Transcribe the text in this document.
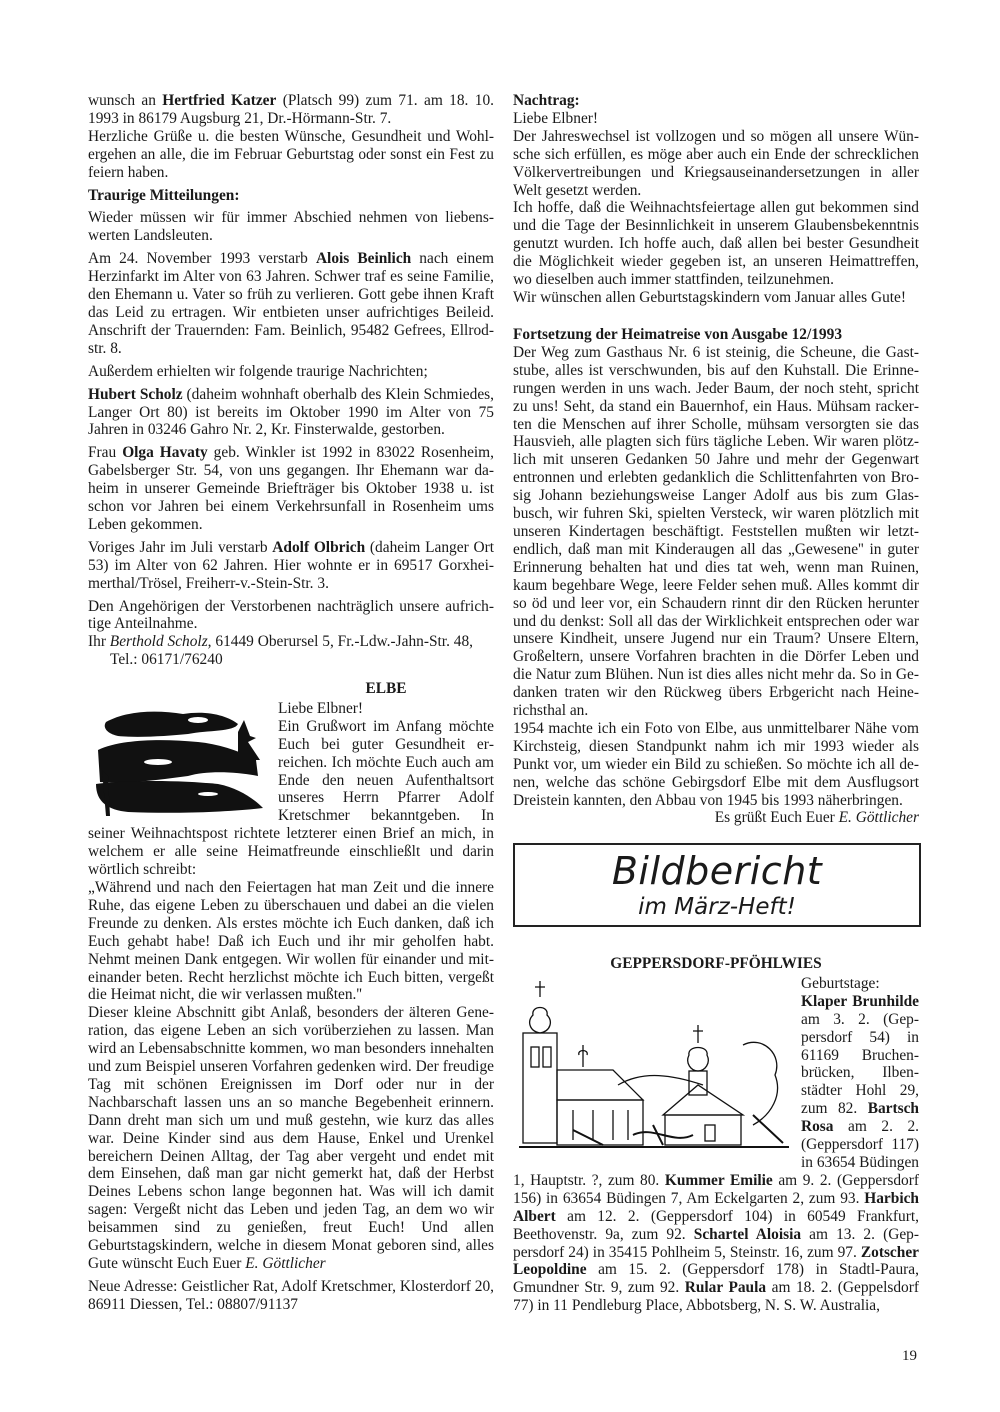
wunsch an Hertfried Katzer (Platsch 99) zum 71. am 18. 10. 1993 in 86179 Augsburg 21, Dr.-Hörmann-Str. 7.

Herzliche Grüße u. die besten Wünsche, Gesundheit und Wohlergehen an alle, die im Februar Geburtstag oder sonst ein Fest zu feiern haben.

Traurige Mitteilungen:

Wieder müssen wir für immer Abschied nehmen von liebenswerten Landsleuten.

Am 24. November 1993 verstarb Alois Beinlich nach einem Herzinfarkt im Alter von 63 Jahren. Schwer traf es seine Familie, den Ehemann u. Vater so früh zu verlieren. Gott gebe ihnen Kraft das Leid zu ertragen. Wir entbieten unser aufrichtiges Beileid. Anschrift der Trauernden: Fam. Beinlich, 95482 Gefrees, Ellrodstr. 8.

Außerdem erhielten wir folgende traurige Nachrichten;

Hubert Scholz (daheim wohnhaft oberhalb des Klein Schmiedes, Langer Ort 80) ist bereits im Oktober 1990 im Alter von 75 Jahren in 03246 Gahro Nr. 2, Kr. Finsterwalde, gestorben.

Frau Olga Havaty geb. Winkler ist 1992 in 83022 Rosenheim, Gabelsberger Str. 54, von uns gegangen. Ihr Ehemann war daheim in unserer Gemeinde Briefträger bis Oktober 1938 u. ist schon vor Jahren bei einem Verkehrsunfall in Rosenheim ums Leben gekommen.

Voriges Jahr im Juli verstarb Adolf Olbrich (daheim Langer Ort 53) im Alter von 62 Jahren. Hier wohnte er in 69517 Gorxheimerthal/Trösel, Freiherr-v.-Stein-Str. 3.

Den Angehörigen der Verstorbenen nachträglich unsere aufrichtige Anteilnahme.

Ihr Berthold Scholz, 61449 Oberursel 5, Fr.-Ldw.-Jahn-Str. 48, Tel.: 06171/76240

ELBE
Liebe Elbner!
Ein Grußwort im Anfang möchte Euch bei guter Gesundheit erreichen. Ich möchte Euch auch am Ende den neuen Aufenthaltsort unseres Herrn Pfarrer Adolf Kretschmer bekanntgeben. In seiner Weihnachtspost richtete letzterer einen Brief an mich, in welchem er alle seine Heimatfreunde einschließlt und darin wörtlich schreibt:
„Während und nach den Feiertagen hat man Zeit und die innere Ruhe, das eigene Leben zu überschauen und dabei an die vielen Freunde zu denken. Als erstes möchte ich Euch danken, daß ich Euch gehabt habe! Daß ich Euch und ihr mir geholfen habt. Nehmt meinen Dank entgegen. Wir wollen für einander und miteinander beten. Recht herzlichst möchte ich Euch bitten, vergeßt die Heimat nicht, die wir verlassen mußten.''

Dieser kleine Abschnitt gibt Anlaß, besonders der älteren Generation, das eigene Leben an sich vorüberziehen zu lassen. Man wird an Lebensabschnitte kommen, wo man besonders innehalten und zum Beispiel unseren Vorfahren gedenken wird. Der freudige Tag mit schönen Ereignissen im Dorf oder nur in der Nachbarschaft lassen uns an so manche Begebenheit erinnern. Dann dreht man sich um und muß gestehn, wie kurz das alles war. Deine Kinder sind aus dem Hause, Enkel und Urenkel bereichern Deinen Alltag, der Tag aber vergeht und endet mit dem Einsehen, daß man gar nicht gemerkt hat, daß der Herbst Deines Lebens schon lange begonnen hat. Was will ich damit sagen: Vergeßt nicht das Leben und jeden Tag, an dem wo wir beisammen sind zu genießen, freut Euch! Und allen Geburtstagskindern, welche in diesem Monat geboren sind, alles Gute wünscht Euch Euer E. Göttlicher

Neue Adresse: Geistlicher Rat, Adolf Kretschmer, Klosterdorf 20, 86911 Diessen, Tel.: 08807/91137

Nachtrag:
Liebe Elbner!
Der Jahreswechsel ist vollzogen und so mögen all unsere Wünsche sich erfüllen, es möge aber auch ein Ende der schrecklichen Völkervertreibungen und Kriegsauseinandersetzungen in aller Welt gesetzt werden.
Ich hoffe, daß die Weihnachtsfeiertage allen gut bekommen sind und die Tage der Besinnlichkeit in unserem Glaubensbekenntnis genutzt wurden. Ich hoffe auch, daß allen bei bester Gesundheit die Möglichkeit wieder gegeben ist, an unseren Heimattreffen, wo dieselben auch immer stattfinden, teilzunehmen.
Wir wünschen allen Geburtstagskindern vom Januar alles Gute!
Fortsetzung der Heimatreise von Ausgabe 12/1993
Der Weg zum Gasthaus Nr. 6 ist steinig, die Scheune, die Gaststube, alles ist verschwunden, bis auf den Kuhstall. Die Erinnerungen werden in uns wach. Jeder Baum, der noch steht, spricht zu uns! Seht, da stand ein Bauernhof, ein Haus. Mühsam rackerten die Menschen auf ihrer Scholle, mühsam versorgten sie das Hausvieh, alle plagten sich fürs tägliche Leben. Wir waren plötzlich mit unseren Gedanken 50 Jahre und mehr der Gegenwart entronnen und erlebten gedanklich die Schlittenfahrten von Brosig Johann beziehungsweise Langer Adolf aus bis zum Glasbusch, wir fuhren Ski, spielten Versteck, wir waren plötzlich mit unseren Kindertagen beschäftigt. Feststellen mußten wir letztendlich, daß man mit Kinderaugen all das „Gewesene'' in guter Erinnerung behalten hat und dies tat weh, wenn man Ruinen, kaum begehbare Wege, leere Felder sehen muß. Alles kommt dir so öd und leer vor, ein Schaudern rinnt dir den Rücken herunter und du denkst: Soll all das der Wirklichkeit entsprechen oder war unsere Kindheit, unsere Jugend nur ein Traum? Unsere Eltern, Großeltern, unsere Vorfahren brachten in die Dörfer Leben und die Natur zum Blühen. Nun ist dies alles nicht mehr da. So in Gedanken traten wir den Rückweg übers Erbgericht nach Heinerichsthal an.
1954 machte ich ein Foto von Elbe, aus unmittelbarer Nähe vom Kirchsteig, diesen Standpunkt nahm ich mir 1993 wieder als Punkt vor, um wieder ein Bild zu schießen. So möchte ich all denen, welche das schöne Gebirgsdorf Elbe mit dem Ausflugsort Dreistein kannten, den Abbau von 1945 bis 1993 näherbringen.
Es grüßt Euch Euer E. Göttlicher
Bildbericht
im März-Heft!
GEPPERSDORF-PFÖHLWIES
Geburtstage:
Klaper Brunhilde am 3. 2. (Geppersdorf 54) in 61169 Bruchenbrücken, Ilbenstädter Hohl 29, zum 82. Bartsch Rosa am 2. 2. (Geppersdorf 117) in 63654 Büdingen 1, Hauptstr. ?, zum 80. Kummer Emilie am 9. 2. (Geppersdorf 156) in 63654 Büdingen 7, Am Eckelgarten 2, zum 93. Harbich Albert am 12. 2. (Geppersdorf 104) in 60549 Frankfurt, Beethovenstr. 9a, zum 92. Schartel Aloisia am 13. 2. (Geppersdorf 24) in 35415 Pohlheim 5, Steinstr. 16, zum 97. Zotscher Leopoldine am 15. 2. (Geppersdorf 178) in Stadtl-Paura, Gmundner Str. 9, zum 92. Rular Paula am 18. 2. (Geppelsdorf 77) in 11 Pendleburg Place, Abbotsberg, N. S. W. Australia,
19
